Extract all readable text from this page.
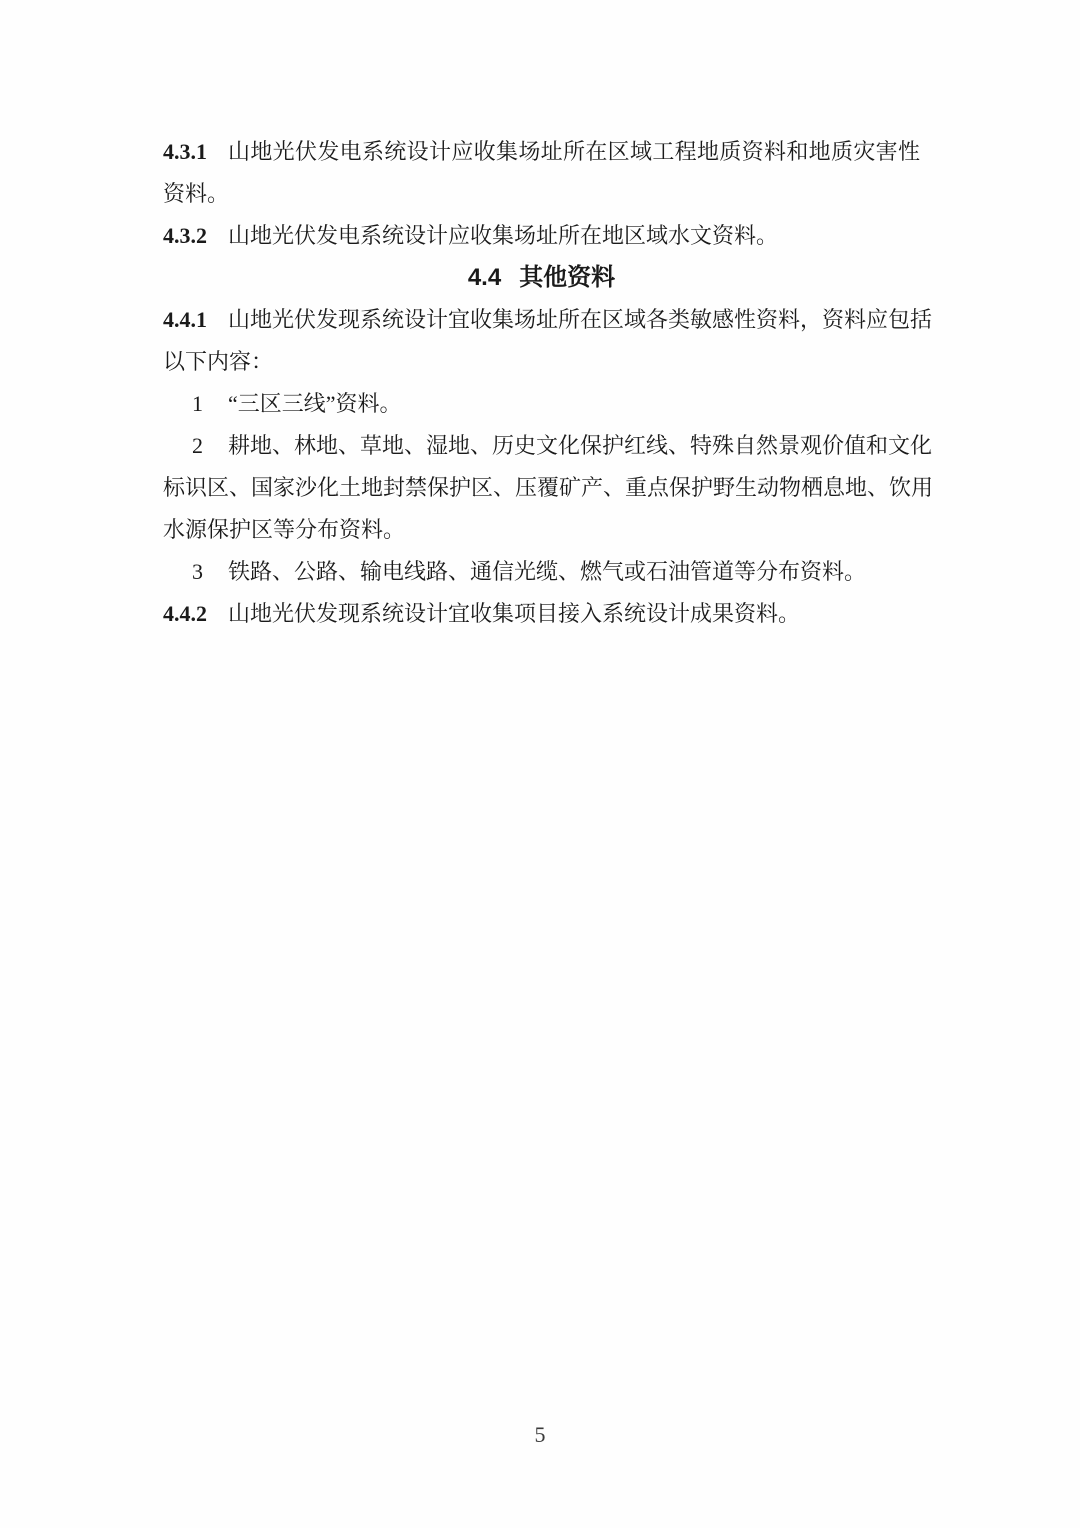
4.3.1 山地光伏发电系统设计应收集场址所在区域工程地质资料和地质灾害性
资料。
4.3.2 山地光伏发电系统设计应收集场址所在地区域水文资料。
4.4 其他资料
4.4.1 山地光伏发现系统设计宜收集场址所在区域各类敏感性资料，资料应包括
以下内容：
1	“三区三线”资料。
2	耕地、林地、草地、湿地、历史文化保护红线、特殊自然景观价值和文化
标识区、国家沙化土地封禁保护区、压覆矿产、重点保护野生动物栖息地、饮用
水源保护区等分布资料。
3	铁路、公路、输电线路、通信光缆、燃气或石油管道等分布资料。
4.4.2 山地光伏发现系统设计宜收集项目接入系统设计成果资料。
5
